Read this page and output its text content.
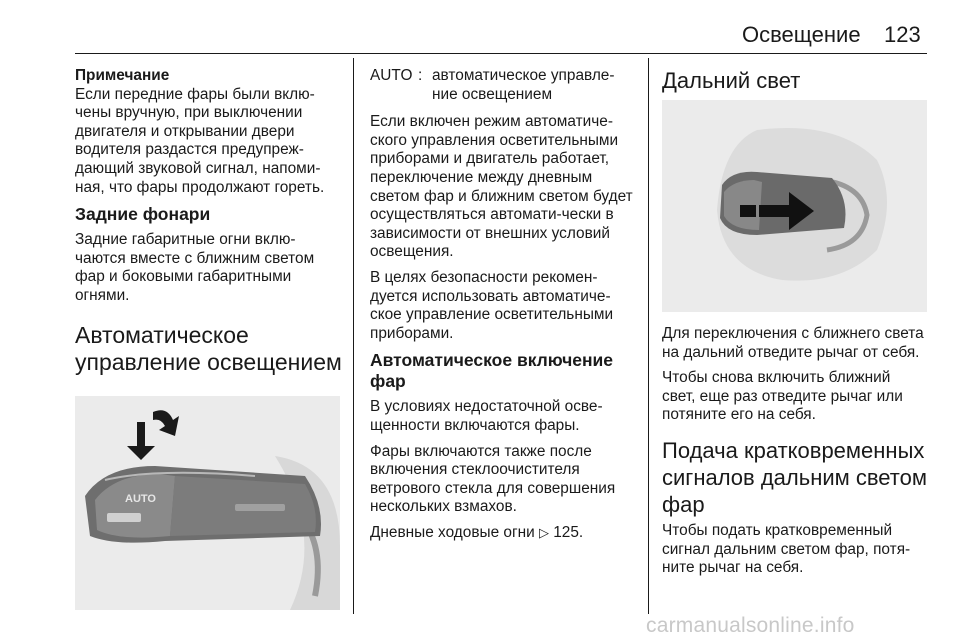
Освещение 123
Примечание

Если передние фары были вклю-чены вручную, при выключении двигателя и открывании двери водителя раздастся предупреж-дающий звуковой сигнал, напоми-ная, что фары продолжают гореть.

Задние фонари

Задние габаритные огни вклю-чаются вместе с ближним светом фар и боковыми габаритными огнями.

Автоматическое управление освещением
AUTO
AUTO : автоматическое управле-ние освещением

Если включен режим автоматиче-ского управления осветительными приборами и двигатель работает, переключение между дневным светом фар и ближним светом будет осуществляться автомати-чески в зависимости от внешних условий освещения.

В целях безопасности рекомен-дуется использовать автоматиче-ское управление осветительными приборами.

Автоматическое включение фар

В условиях недостаточной осве-щенности включаются фары.

Фары включаются также после включения стеклоочистителя ветрового стекла для совершения нескольких взмахов.

Дневные ходовые огни ▷ 125.

Дальний свет

Для переключения с ближнего света на дальний отведите рычаг от себя.

Чтобы снова включить ближний свет, еще раз отведите рычаг или потяните его на себя.

Подача кратковременных сигналов дальним светом фар

Чтобы подать кратковременный сигнал дальним светом фар, потя-ните рычаг на себя.

carmanualsonline.info
